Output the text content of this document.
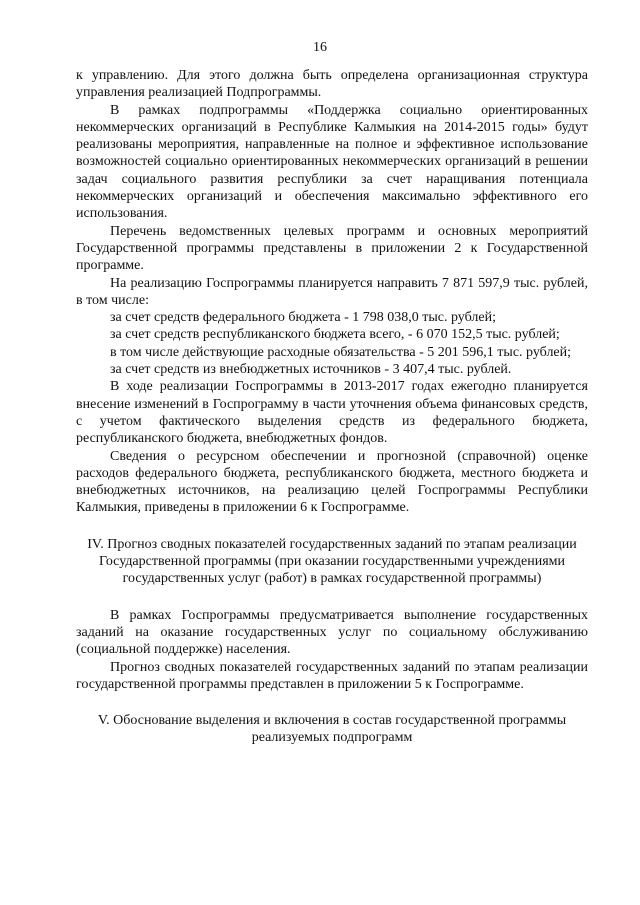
16

к управлению. Для этого должна быть определена организационная структура управления реализацией Подпрограммы.

В рамках подпрограммы «Поддержка социально ориентированных некоммерческих организаций в Республике Калмыкия на 2014-2015 годы» будут реализованы мероприятия, направленные на полное и эффективное использование возможностей социально ориентированных некоммерческих организаций в решении задач социального развития республики за счет наращивания потенциала некоммерческих организаций и обеспечения максимально эффективного его использования.

Перечень ведомственных целевых программ и основных мероприятий Государственной программы представлены в приложении 2 к Государственной программе.

На реализацию Госпрограммы планируется направить 7 871 597,9 тыс. рублей, в том числе:

за счет средств федерального бюджета - 1 798 038,0 тыс. рублей;

за счет средств республиканского бюджета всего, - 6 070 152,5 тыс. рублей;

в том числе действующие расходные обязательства - 5 201 596,1 тыс. рублей;

за счет средств из внебюджетных источников - 3 407,4 тыс. рублей.

В ходе реализации Госпрограммы в 2013-2017 годах ежегодно планируется внесение изменений в Госпрограмму в части уточнения объема финансовых средств, с учетом фактического выделения средств из федерального бюджета, республиканского бюджета, внебюджетных фондов.

Сведения о ресурсном обеспечении и прогнозной (справочной) оценке расходов федерального бюджета, республиканского бюджета, местного бюджета и внебюджетных источников, на реализацию целей Госпрограммы Республики Калмыкия, приведены в приложении 6 к Госпрограмме.

IV. Прогноз сводных показателей государственных заданий по этапам реализации Государственной программы (при оказании государственными учреждениями государственных услуг (работ) в рамках государственной программы)

В рамках Госпрограммы предусматривается выполнение государственных заданий на оказание государственных услуг по социальному обслуживанию (социальной поддержке) населения.

Прогноз сводных показателей государственных заданий по этапам реализации государственной программы представлен в приложении 5 к Госпрограмме.

V. Обоснование выделения и включения в состав государственной программы реализуемых подпрограмм
